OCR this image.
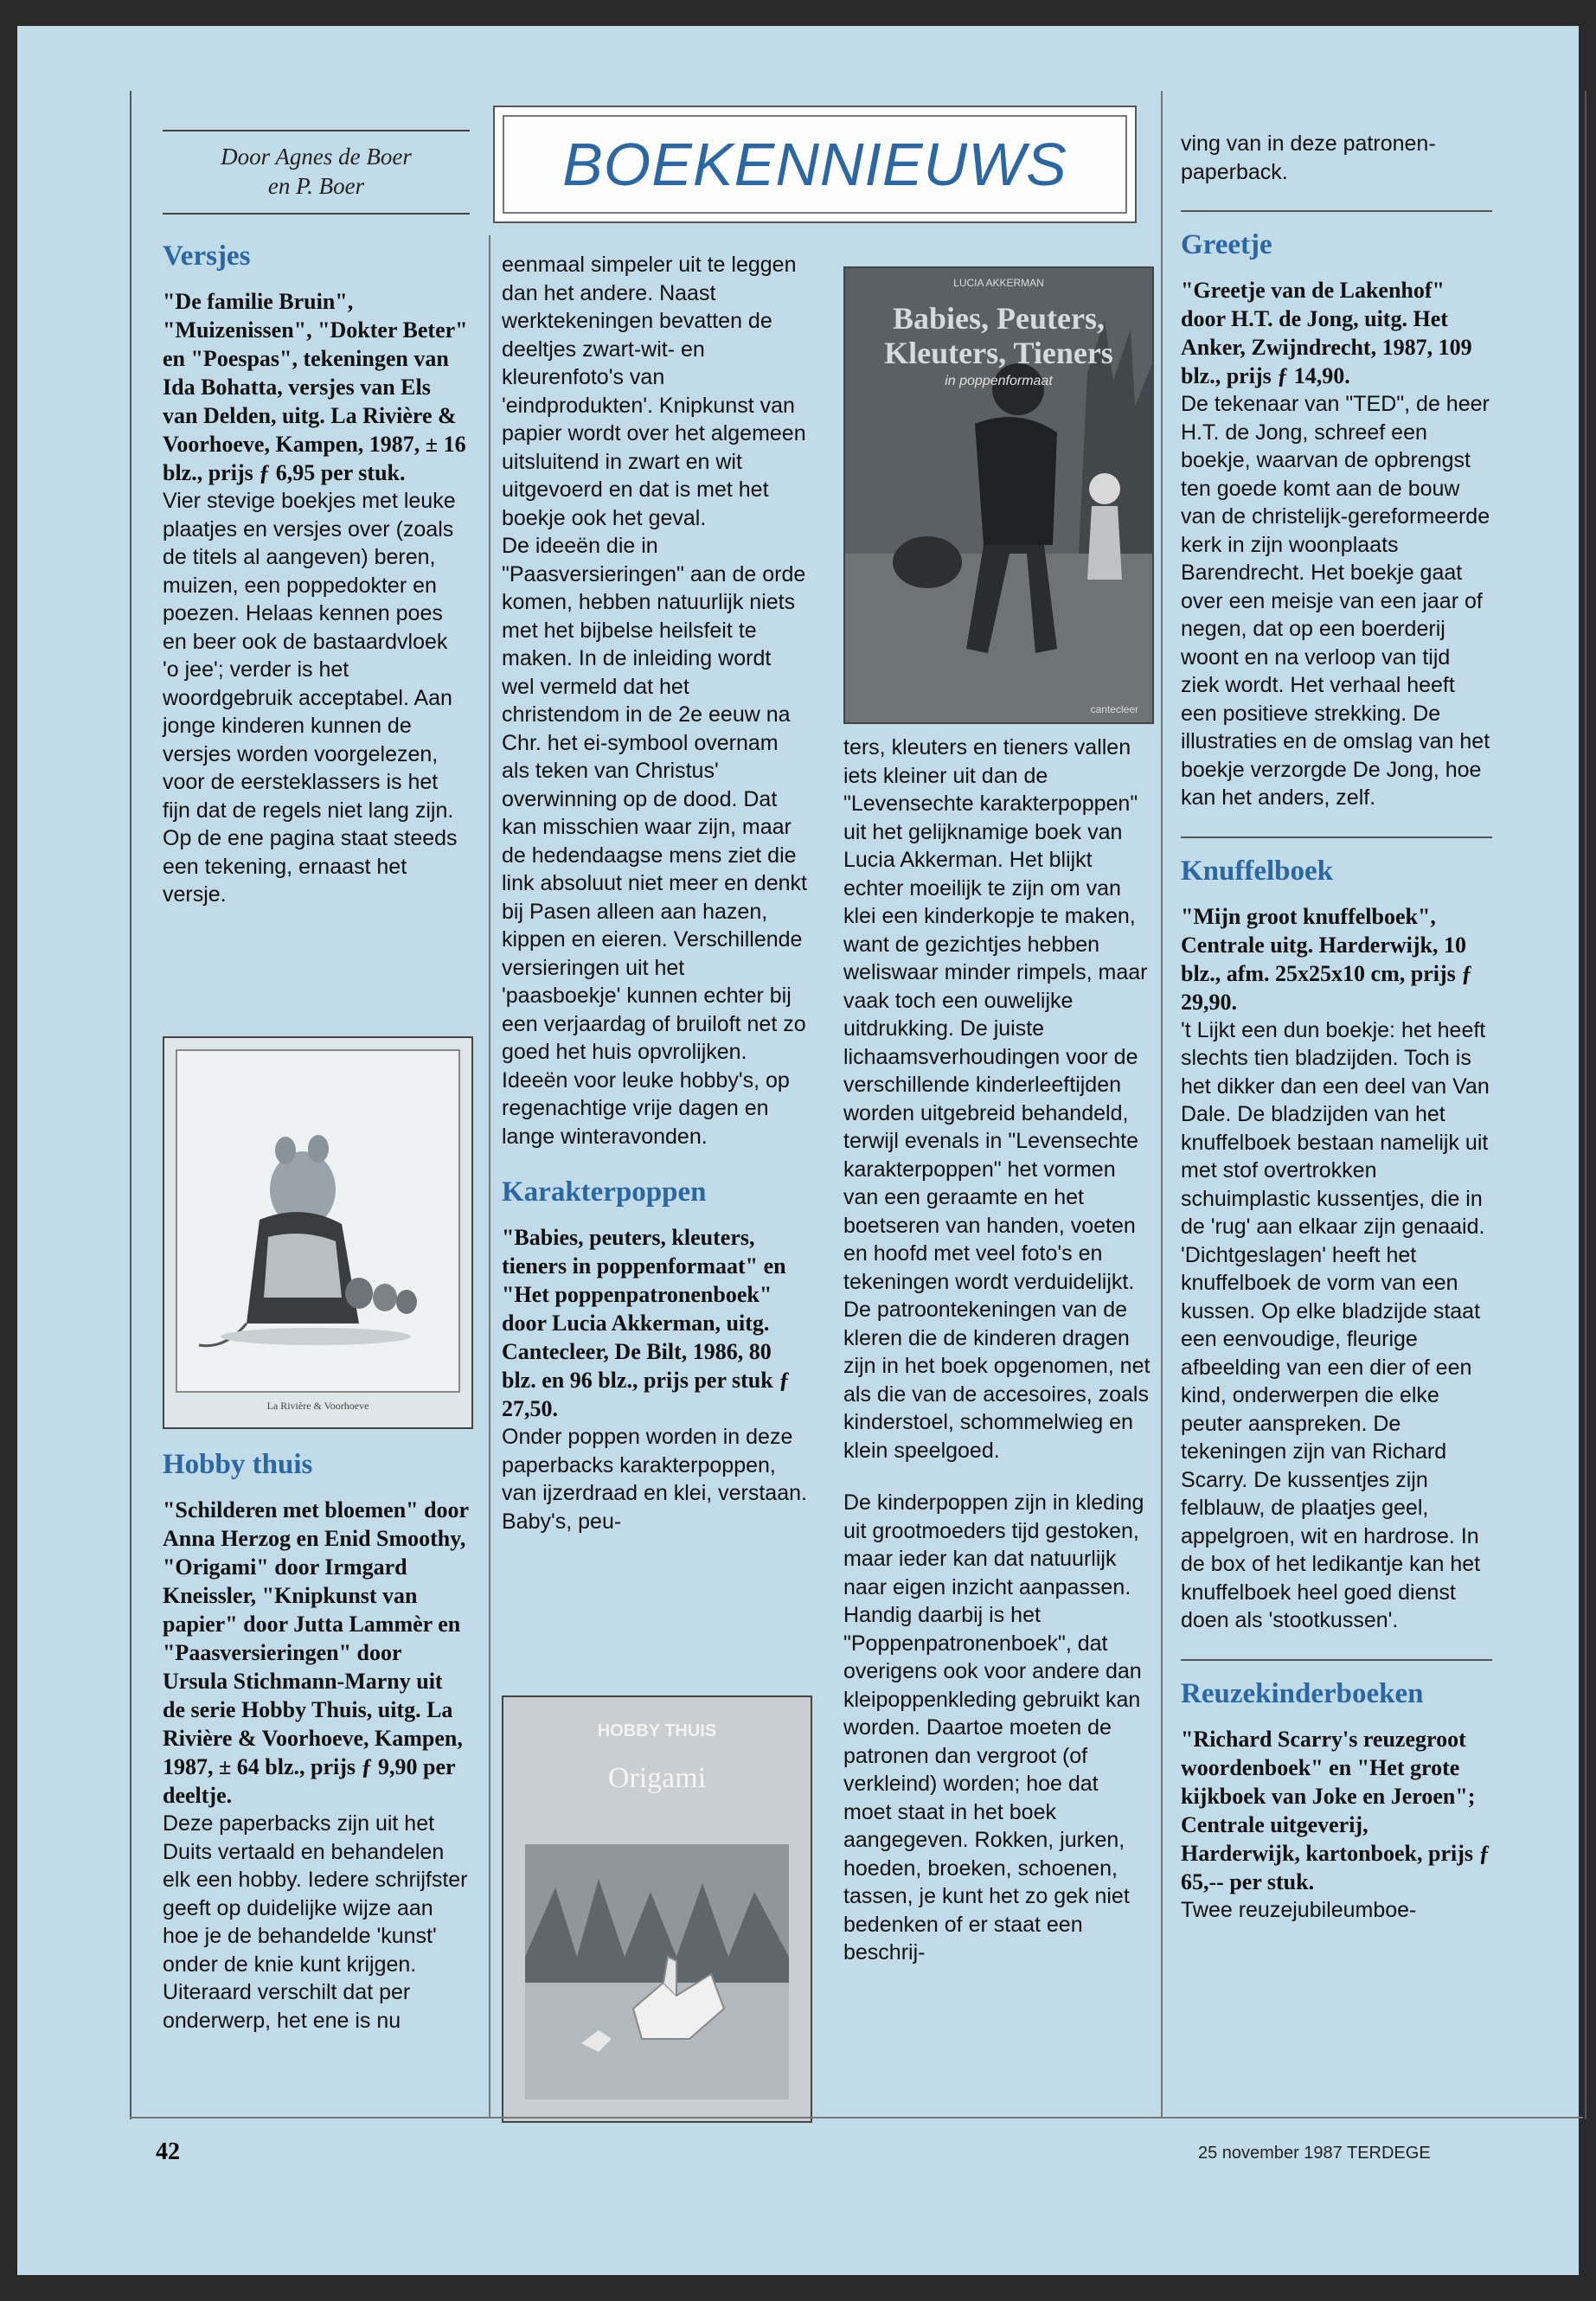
BOEKENNIEUWS
Door Agnes de Boer
en P. Boer
Versjes

"De familie Bruin", "Muizenissen", "Dokter Beter" en "Poespas", tekeningen van Ida Bohatta, versjes van Els van Delden, uitg. La Rivière & Voorhoeve, Kampen, 1987, ± 16 blz., prijs ƒ 6,95 per stuk.

Vier stevige boekjes met leuke plaatjes en versjes over (zoals de titels al aangeven) beren, muizen, een poppedokter en poezen. Helaas kennen poes en beer ook de bastaardvloek 'o jee'; verder is het woordgebruik acceptabel. Aan jonge kinderen kunnen de versjes worden voorgelezen, voor de eersteklassers is het fijn dat de regels niet lang zijn. Op de ene pagina staat steeds een tekening, ernaast het versje.

La Rivière & Voorhoeve
Hobby thuis

"Schilderen met bloemen" door Anna Herzog en Enid Smoothy, "Origami" door Irmgard Kneissler, "Knipkunst van papier" door Jutta Lammèr en "Paasversieringen" door Ursula Stichmann-Marny uit de serie Hobby Thuis, uitg. La Rivière & Voorhoeve, Kampen, 1987, ± 64 blz., prijs ƒ 9,90 per deeltje.

Deze paperbacks zijn uit het Duits vertaald en behandelen elk een hobby. Iedere schrijfster geeft op duidelijke wijze aan hoe je de behandelde 'kunst' onder de knie kunt krijgen. Uiteraard verschilt dat per onderwerp, het ene is nu

eenmaal simpeler uit te leggen dan het andere. Naast werktekeningen bevatten de deeltjes zwart-wit- en kleurenfoto's van 'eindprodukten'. Knipkunst van papier wordt over het algemeen uitsluitend in zwart en wit uitgevoerd en dat is met het boekje ook het geval.

De ideeën die in "Paasversieringen" aan de orde komen, hebben natuurlijk niets met het bijbelse heilsfeit te maken. In de inleiding wordt wel vermeld dat het christendom in de 2e eeuw na Chr. het ei-symbool overnam als teken van Christus' overwinning op de dood. Dat kan misschien waar zijn, maar de hedendaagse mens ziet die link absoluut niet meer en denkt bij Pasen alleen aan hazen, kippen en eieren. Verschillende versieringen uit het 'paasboekje' kunnen echter bij een verjaardag of bruiloft net zo goed het huis opvrolijken. Ideeën voor leuke hobby's, op regenachtige vrije dagen en lange winteravonden.

Karakterpoppen

"Babies, peuters, kleuters, tieners in poppenformaat" en "Het poppenpatronenboek" door Lucia Akkerman, uitg. Cantecleer, De Bilt, 1986, 80 blz. en 96 blz., prijs per stuk ƒ 27,50.

Onder poppen worden in deze paperbacks karakterpoppen, van ijzerdraad en klei, verstaan. Baby's, peu-

HOBBY THUIS
Origami
LUCIA AKKERMAN
Babies, Peuters, Kleuters, Tieners
in poppenformaat
cantecleer

ters, kleuters en tieners vallen iets kleiner uit dan de "Levensechte karakterpoppen" uit het gelijknamige boek van Lucia Akkerman. Het blijkt echter moeilijk te zijn om van klei een kinderkopje te maken, want de gezichtjes hebben weliswaar minder rimpels, maar vaak toch een ouwelijke uitdrukking. De juiste lichaamsverhoudingen voor de verschillende kinderleeftijden worden uitgebreid behandeld, terwijl evenals in "Levensechte karakterpoppen" het vormen van een geraamte en het boetseren van handen, voeten en hoofd met veel foto's en tekeningen wordt verduidelijkt. De patroontekeningen van de kleren die de kinderen dragen zijn in het boek opgenomen, net als die van de accesoires, zoals kinderstoel, schommelwieg en klein speelgoed.

De kinderpoppen zijn in kleding uit grootmoeders tijd gestoken, maar ieder kan dat natuurlijk naar eigen inzicht aanpassen. Handig daarbij is het "Poppenpatronenboek", dat overigens ook voor andere dan kleipoppenkleding gebruikt kan worden. Daartoe moeten de patronen dan vergroot (of verkleind) worden; hoe dat moet staat in het boek aangegeven. Rokken, jurken, hoeden, broeken, schoenen, tassen, je kunt het zo gek niet bedenken of er staat een beschrij-

ving van in deze patronen-paperback.

Greetje

"Greetje van de Lakenhof" door H.T. de Jong, uitg. Het Anker, Zwijndrecht, 1987, 109 blz., prijs ƒ 14,90.

De tekenaar van "TED", de heer H.T. de Jong, schreef een boekje, waarvan de opbrengst ten goede komt aan de bouw van de christelijk-gereformeerde kerk in zijn woonplaats Barendrecht. Het boekje gaat over een meisje van een jaar of negen, dat op een boerderij woont en na verloop van tijd ziek wordt. Het verhaal heeft een positieve strekking. De illustraties en de omslag van het boekje verzorgde De Jong, hoe kan het anders, zelf.

Knuffelboek

"Mijn groot knuffelboek", Centrale uitg. Harderwijk, 10 blz., afm. 25x25x10 cm, prijs ƒ 29,90.

't Lijkt een dun boekje: het heeft slechts tien bladzijden. Toch is het dikker dan een deel van Van Dale. De bladzijden van het knuffelboek bestaan namelijk uit met stof overtrokken schuimplastic kussentjes, die in de 'rug' aan elkaar zijn genaaid. 'Dichtgeslagen' heeft het knuffelboek de vorm van een kussen. Op elke bladzijde staat een eenvoudige, fleurige afbeelding van een dier of een kind, onderwerpen die elke peuter aanspreken. De tekeningen zijn van Richard Scarry. De kussentjes zijn felblauw, de plaatjes geel, appelgroen, wit en hardrose. In de box of het ledikantje kan het knuffelboek heel goed dienst doen als 'stootkussen'.

Reuzekinderboeken

"Richard Scarry's reuzegroot woordenboek" en "Het grote kijkboek van Joke en Jeroen"; Centrale uitgeverij, Harderwijk, kartonboek, prijs ƒ 65,-- per stuk.

Twee reuzejubileumboe-

42	25 november 1987 TERDEGE
